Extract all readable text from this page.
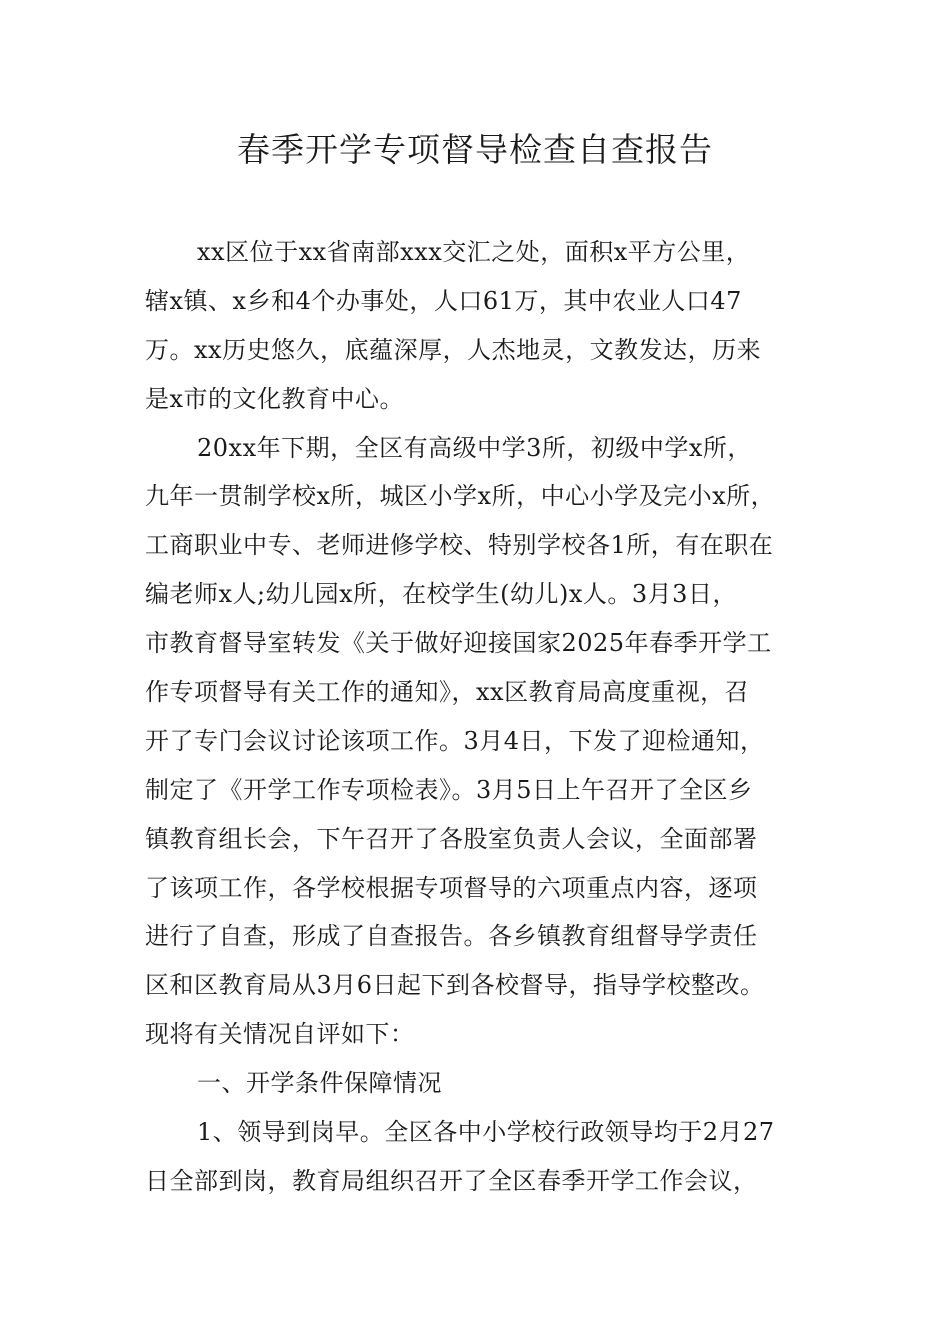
春季开学专项督导检查自查报告
xx区位于xx省南部xxx交汇之处，面积x平方公里，
辖x镇、x乡和4个办事处，人口61万，其中农业人口47
万。xx历史悠久，底蕴深厚，人杰地灵，文教发达，历来
是x市的文化教育中心。
20xx年下期，全区有高级中学3所，初级中学x所，
九年一贯制学校x所，城区小学x所，中心小学及完小x所，
工商职业中专、老师进修学校、特别学校各1所，有在职在
编老师x人;幼儿园x所，在校学生(幼儿)x人。3月3日，
市教育督导室转发《关于做好迎接国家2025年春季开学工
作专项督导有关工作的通知》，xx区教育局高度重视，召
开了专门会议讨论该项工作。3月4日，下发了迎检通知，
制定了《开学工作专项检表》。3月5日上午召开了全区乡
镇教育组长会，下午召开了各股室负责人会议，全面部署
了该项工作，各学校根据专项督导的六项重点内容，逐项
进行了自查，形成了自查报告。各乡镇教育组督导学责任
区和区教育局从3月6日起下到各校督导，指导学校整改。
现将有关情况自评如下：
一、开学条件保障情况
1、领导到岗早。全区各中小学校行政领导均于2月27
日全部到岗，教育局组织召开了全区春季开学工作会议，
